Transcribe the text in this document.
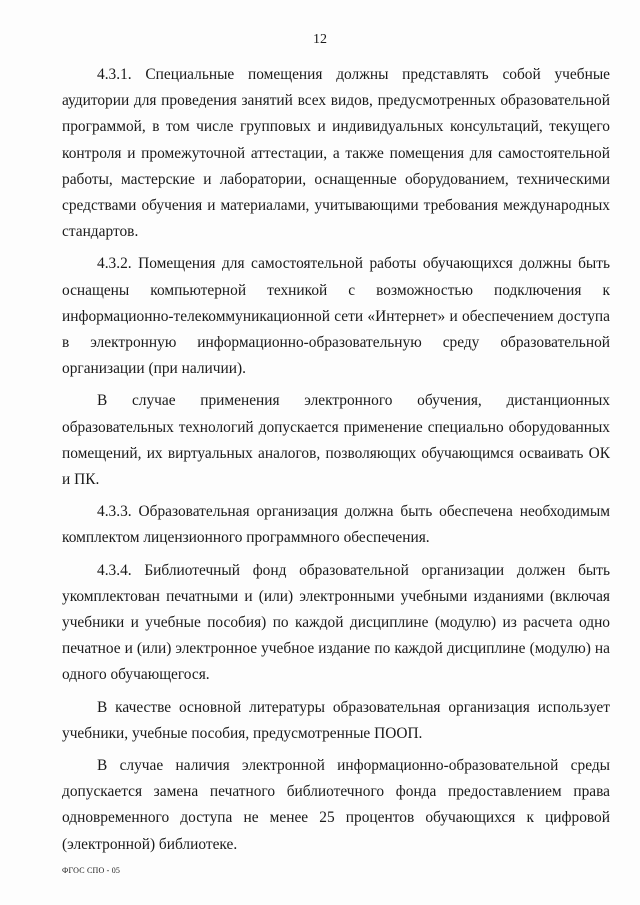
12

4.3.1. Специальные помещения должны представлять собой учебные аудитории для проведения занятий всех видов, предусмотренных образовательной программой, в том числе групповых и индивидуальных консультаций, текущего контроля и промежуточной аттестации, а также помещения для самостоятельной работы, мастерские и лаборатории, оснащенные оборудованием, техническими средствами обучения и материалами, учитывающими требования международных стандартов.

4.3.2. Помещения для самостоятельной работы обучающихся должны быть оснащены компьютерной техникой с возможностью подключения к информационно-телекоммуникационной сети «Интернет» и обеспечением доступа в электронную информационно-образовательную среду образовательной организации (при наличии).

В случае применения электронного обучения, дистанционных образовательных технологий допускается применение специально оборудованных помещений, их виртуальных аналогов, позволяющих обучающимся осваивать ОК и ПК.

4.3.3. Образовательная организация должна быть обеспечена необходимым комплектом лицензионного программного обеспечения.

4.3.4. Библиотечный фонд образовательной организации должен быть укомплектован печатными и (или) электронными учебными изданиями (включая учебники и учебные пособия) по каждой дисциплине (модулю) из расчета одно печатное и (или) электронное учебное издание по каждой дисциплине (модулю) на одного обучающегося.

В качестве основной литературы образовательная организация использует учебники, учебные пособия, предусмотренные ПООП.

В случае наличия электронной информационно-образовательной среды допускается замена печатного библиотечного фонда предоставлением права одновременного доступа не менее 25 процентов обучающихся к цифровой (электронной) библиотеке.

ФГОС СПО - 05
